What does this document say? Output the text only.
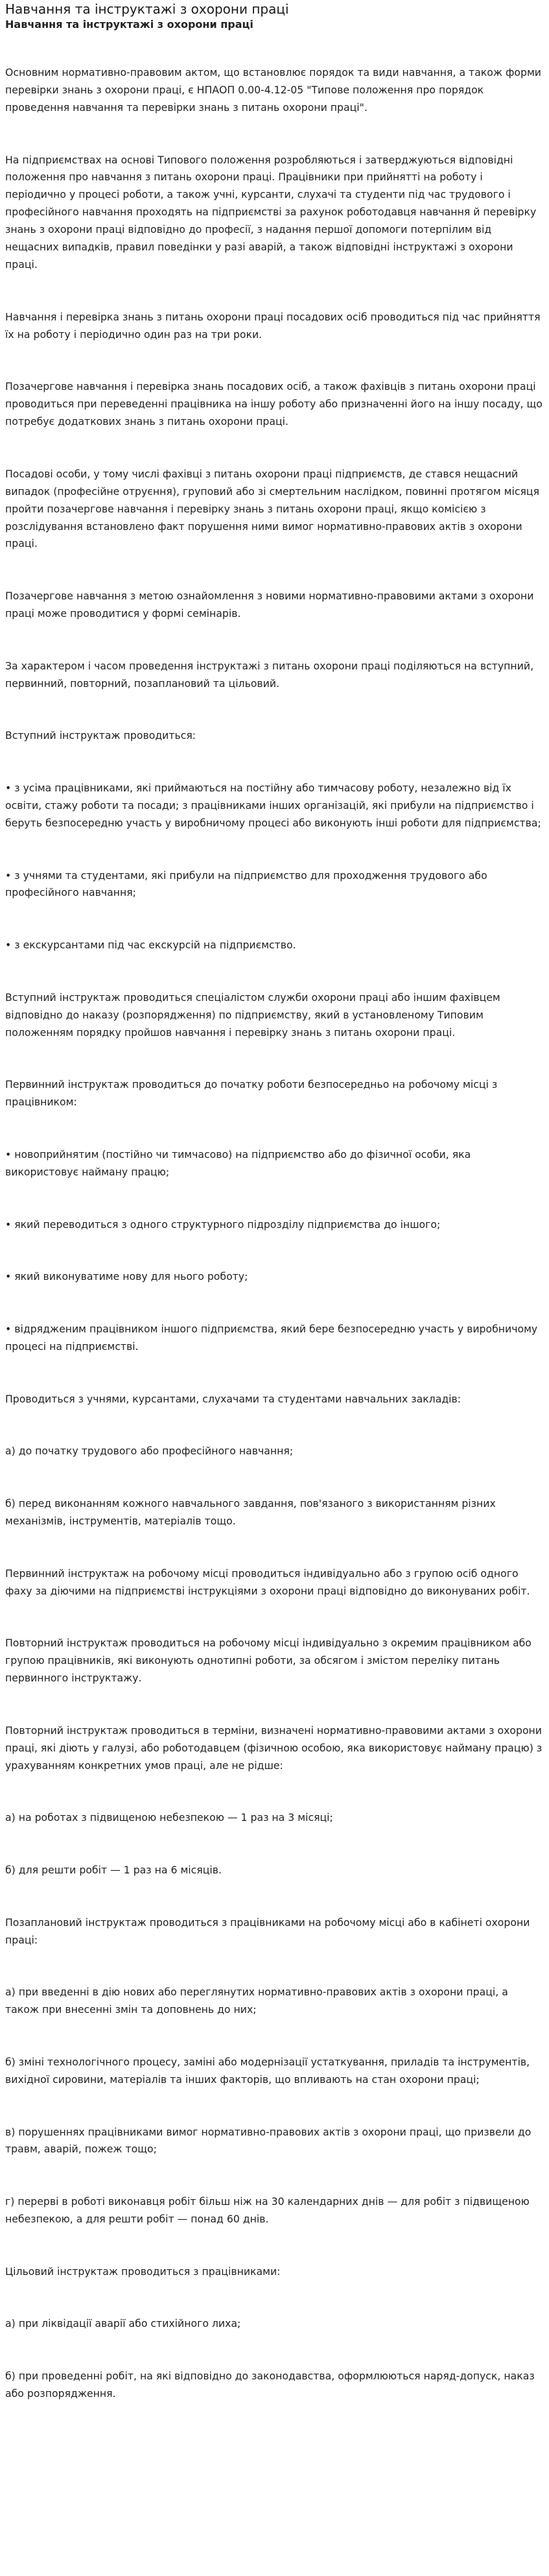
Навчання та інструктажі з охорони праці
Навчання та інструктажі з охорони праці

Основним нормативно-правовим актом, що встановлює порядок та види навчання, а також форми перевірки знань з охорони праці, є НПАОП 0.00-4.12-05 "Типове положення про порядок проведення навчання та перевірки знань з питань охорони праці".

На підприємствах на основі Типового положення розробляються і затверджуються відповідні положення про навчання з питань охорони праці. Працівники при прийнятті на роботу і періодично у процесі роботи, а також учні, курсанти, слухачі та студенти під час трудового і професійного навчання проходять на підприємстві за рахунок роботодавця навчання й перевірку знань з охорони праці відповідно до професії, з надання першої допомоги потерпілим від нещасних випадків, правил поведінки у разі аварій, а також відповідні інструктажі з охорони праці.

Навчання і перевірка знань з питань охорони праці посадових осіб проводиться під час прийняття їх на роботу і періодично один раз на три роки.

Позачергове навчання і перевірка знань посадових осіб, а також фахівців з питань охорони праці проводиться при переведенні працівника на іншу роботу або призначенні його на іншу посаду, що потребує додаткових знань з питань охорони праці.

Посадові особи, у тому числі фахівці з питань охорони праці підприємств, де стався нещасний випадок (професійне отруєння), груповий або зі смертельним наслідком, повинні протягом місяця пройти позачергове навчання і перевірку знань з питань охорони праці, якщо комісією з розслідування встановлено факт порушення ними вимог нормативно-правових актів з охорони праці.

Позачергове навчання з метою ознайомлення з новими нормативно-правовими актами з охорони праці може проводитися у формі семінарів.

За характером і часом проведення інструктажі з питань охорони праці поділяються на вступний, первинний, повторний, позаплановий та цільовий.

Вступний інструктаж проводиться:

• з усіма працівниками, які приймаються на постійну або тимчасову роботу, незалежно від їх освіти, стажу роботи та посади; з працівниками інших організацій, які прибули на підприємство і беруть безпосередню участь у виробничому процесі або виконують інші роботи для підприємства;

• з учнями та студентами, які прибули на підприємство для проходження трудового або професійного навчання;

• з екскурсантами під час екскурсій на підприємство.

Вступний інструктаж проводиться спеціалістом служби охорони праці або іншим фахівцем відповідно до наказу (розпорядження) по підприємству, який в установленому Типовим положенням порядку пройшов навчання і перевірку знань з питань охорони праці.

Первинний інструктаж проводиться до початку роботи безпосередньо на робочому місці з працівником:

• новоприйнятим (постійно чи тимчасово) на підприємство або до фізичної особи, яка використовує найману працю;

• який переводиться з одного структурного підрозділу підприємства до іншого;

• який виконуватиме нову для нього роботу;

• відрядженим працівником іншого підприємства, який бере безпосередню участь у виробничому процесі на підприємстві.

Проводиться з учнями, курсантами, слухачами та студентами навчальних закладів:

а) до початку трудового або професійного навчання;

б) перед виконанням кожного навчального завдання, пов'язаного з використанням різних механізмів, інструментів, матеріалів тощо.

Первинний інструктаж на робочому місці проводиться індивідуально або з групою осіб одного фаху за діючими на підприємстві інструкціями з охорони праці відповідно до виконуваних робіт.

Повторний інструктаж проводиться на робочому місці індивідуально з окремим працівником або групою працівників, які виконують однотипні роботи, за обсягом і змістом переліку питань первинного інструктажу.

Повторний інструктаж проводиться в терміни, визначені нормативно-правовими актами з охорони праці, які діють у галузі, або роботодавцем (фізичною особою, яка використовує найману працю) з урахуванням конкретних умов праці, але не рідше:

а) на роботах з підвищеною небезпекою — 1 раз на 3 місяці;

б) для решти робіт — 1 раз на 6 місяців.

Позаплановий інструктаж проводиться з працівниками на робочому місці або в кабінеті охорони праці:

а) при введенні в дію нових або переглянутих нормативно-правових актів з охорони праці, а також при внесенні змін та доповнень до них;

б) зміні технологічного процесу, заміні або модернізації устаткування, приладів та інструментів, вихідної сировини, матеріалів та інших факторів, що впливають на стан охорони праці;

в) порушеннях працівниками вимог нормативно-правових актів з охорони праці, що призвели до травм, аварій, пожеж тощо;

г) перерві в роботі виконавця робіт більш ніж на 30 календарних днів — для робіт з підвищеною небезпекою, а для решти робіт — понад 60 днів.

Цільовий інструктаж проводиться з працівниками:

а) при ліквідації аварії або стихійного лиха;

б) при проведенні робіт, на які відповідно до законодавства, оформлюються наряд-допуск, наказ або розпорядження.
